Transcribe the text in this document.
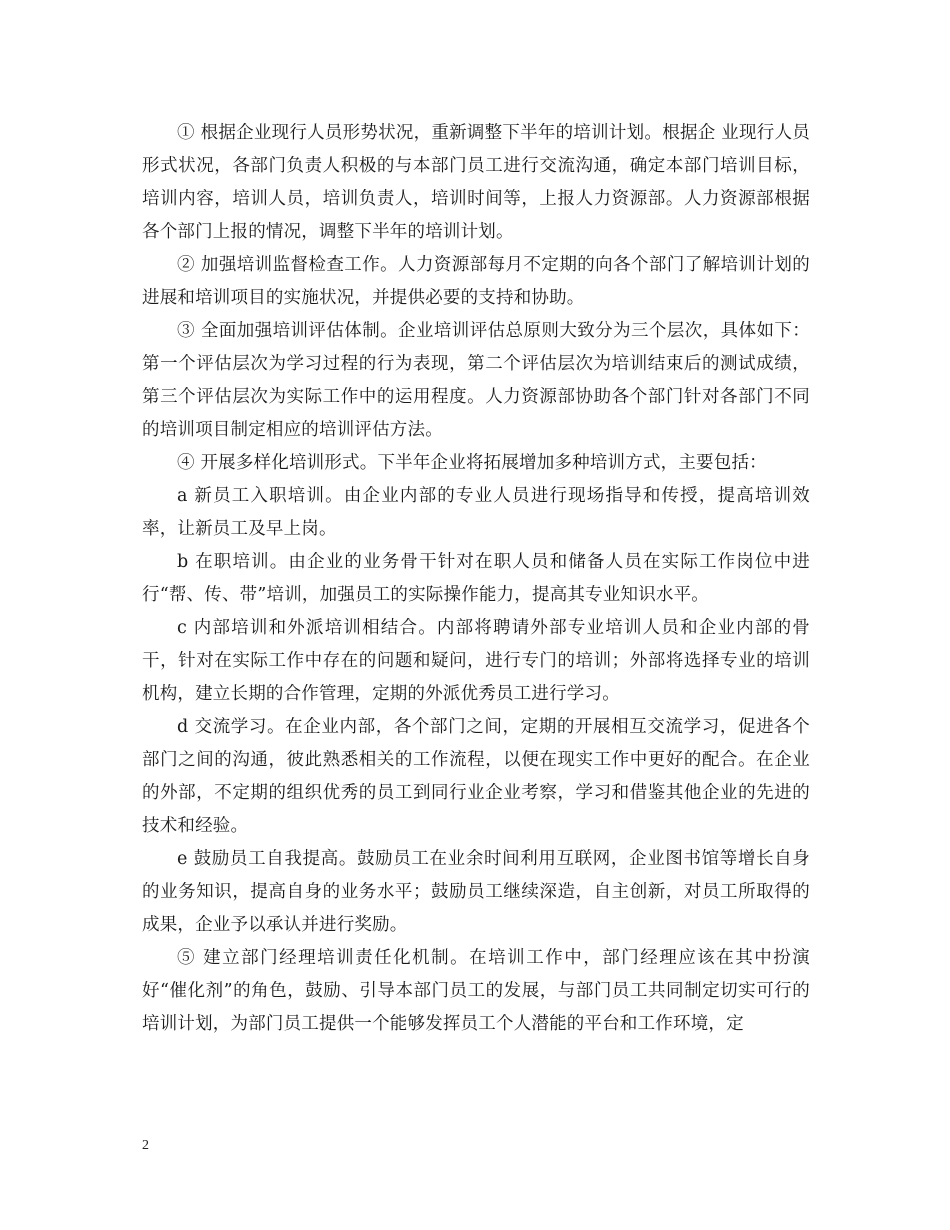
① 根据企业现行人员形势状况，重新调整下半年的培训计划。根据企 业现行人员形式状况，各部门负责人积极的与本部门员工进行交流沟通，确定本部门培训目标，培训内容，培训人员，培训负责人，培训时间等，上报人力资源部。人力资源部根据各个部门上报的情况，调整下半年的培训计划。

② 加强培训监督检查工作。人力资源部每月不定期的向各个部门了解培训计划的进展和培训项目的实施状况，并提供必要的支持和协助。

③ 全面加强培训评估体制。企业培训评估总原则大致分为三个层次，具体如下：第一个评估层次为学习过程的行为表现，第二个评估层次为培训结束后的测试成绩，第三个评估层次为实际工作中的运用程度。人力资源部协助各个部门针对各部门不同的培训项目制定相应的培训评估方法。

④ 开展多样化培训形式。下半年企业将拓展增加多种培训方式，主要包括：

a 新员工入职培训。由企业内部的专业人员进行现场指导和传授，提高培训效率，让新员工及早上岗。

b 在职培训。由企业的业务骨干针对在职人员和储备人员在实际工作岗位中进行“帮、传、带”培训，加强员工的实际操作能力，提高其专业知识水平。

c 内部培训和外派培训相结合。内部将聘请外部专业培训人员和企业内部的骨干，针对在实际工作中存在的问题和疑问，进行专门的培训；外部将选择专业的培训机构，建立长期的合作管理，定期的外派优秀员工进行学习。

d 交流学习。在企业内部，各个部门之间，定期的开展相互交流学习，促进各个部门之间的沟通，彼此熟悉相关的工作流程，以便在现实工作中更好的配合。在企业的外部，不定期的组织优秀的员工到同行业企业考察，学习和借鉴其他企业的先进的技术和经验。

e 鼓励员工自我提高。鼓励员工在业余时间利用互联网，企业图书馆等增长自身的业务知识，提高自身的业务水平；鼓励员工继续深造，自主创新，对员工所取得的成果，企业予以承认并进行奖励。

⑤ 建立部门经理培训责任化机制。在培训工作中，部门经理应该在其中扮演好“催化剂”的角色，鼓励、引导本部门员工的发展，与部门员工共同制定切实可行的培训计划，为部门员工提供一个能够发挥员工个人潜能的平台和工作环境，定

2
